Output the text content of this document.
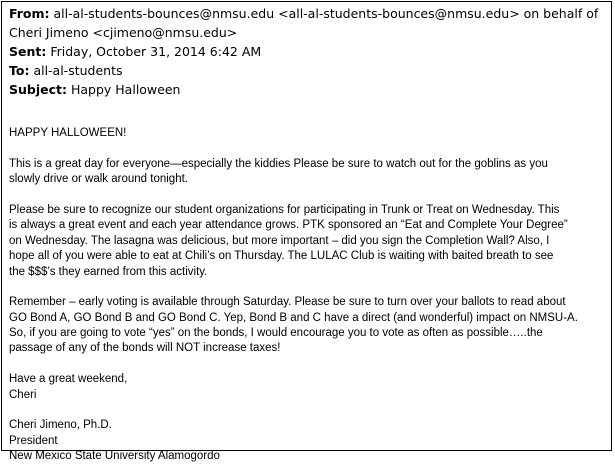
From: all-al-students-bounces@nmsu.edu <all-al-students-bounces@nmsu.edu> on behalf of
Cheri Jimeno <cjimeno@nmsu.edu>
Sent: Friday, October 31, 2014 6:42 AM
To: all-al-students
Subject: Happy Halloween
HAPPY HALLOWEEN!
This is a great day for everyone—especially the kiddies Please be sure to watch out for the goblins as you
slowly drive or walk around tonight.
Please be sure to recognize our student organizations for participating in Trunk or Treat on Wednesday. This
is always a great event and each year attendance grows. PTK sponsored an “Eat and Complete Your Degree”
on Wednesday. The lasagna was delicious, but more important – did you sign the Completion Wall? Also, I
hope all of you were able to eat at Chili’s on Thursday. The LULAC Club is waiting with baited breath to see
the $$$’s they earned from this activity.
Remember – early voting is available through Saturday. Please be sure to turn over your ballots to read about
GO Bond A, GO Bond B and GO Bond C. Yep, Bond B and C have a direct (and wonderful) impact on NMSU-A.
So, if you are going to vote “yes” on the bonds, I would encourage you to vote as often as possible…..the
passage of any of the bonds will NOT increase taxes!
Have a great weekend,
Cheri
Cheri Jimeno, Ph.D.
President
New Mexico State University Alamogordo
